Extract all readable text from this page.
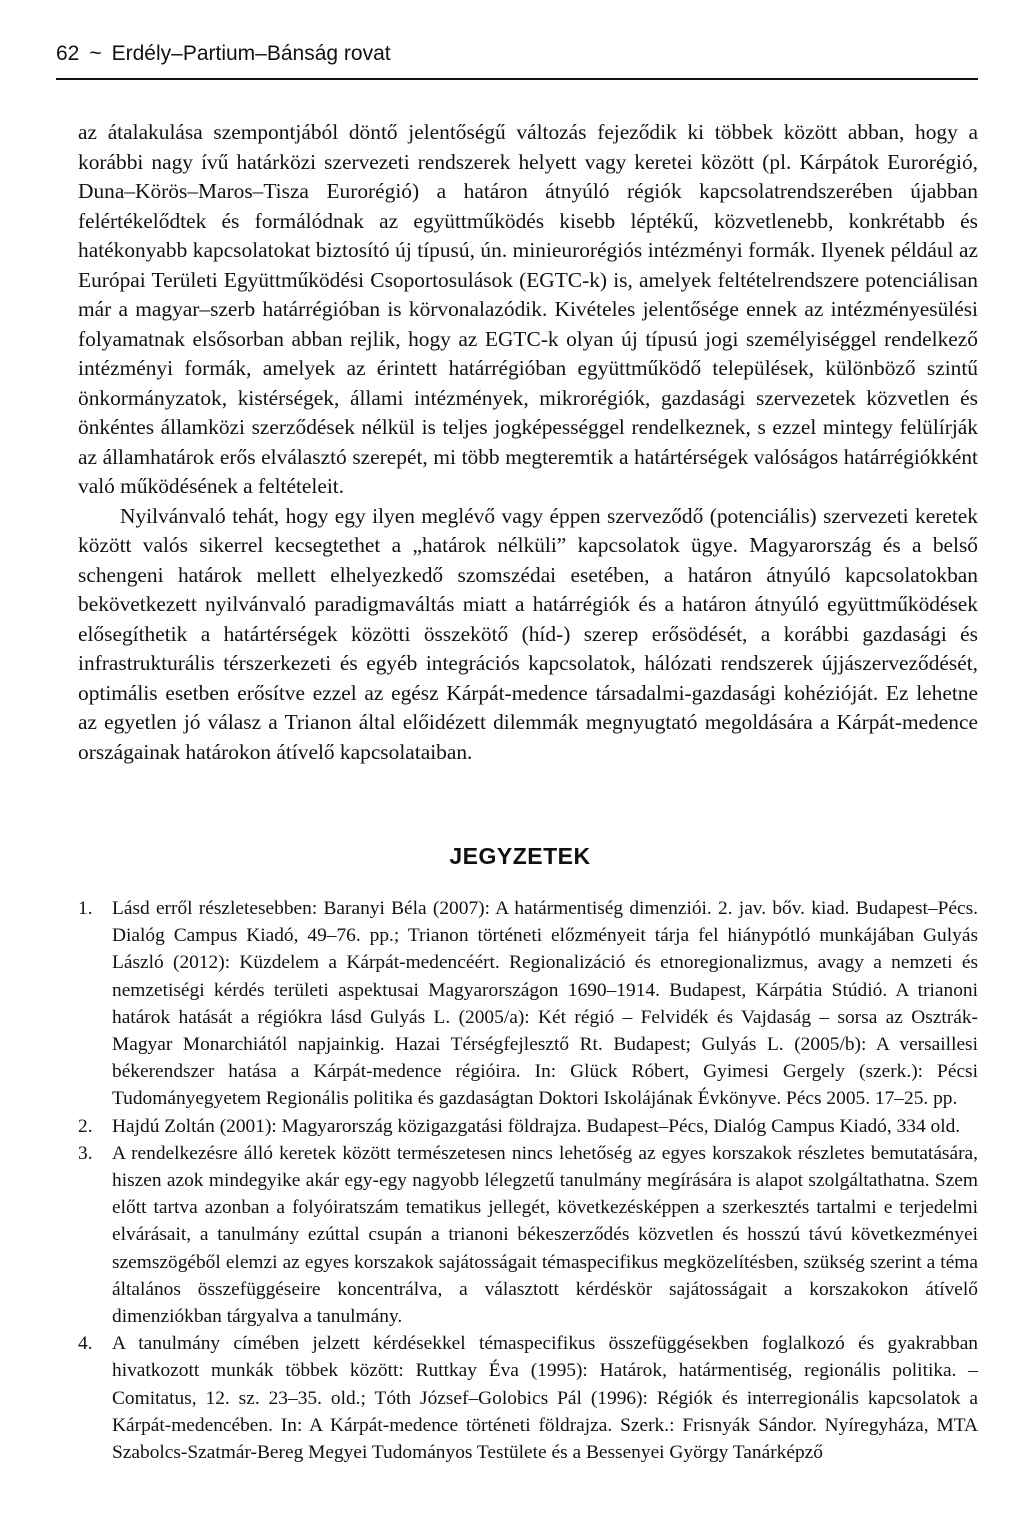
62 ~ Erdély–Partium–Bánság rovat

az átalakulása szempontjából döntő jelentőségű változás fejeződik ki többek között abban, hogy a korábbi nagy ívű határközi szervezeti rendszerek helyett vagy keretei között (pl. Kárpátok Eurorégió, Duna–Körös–Maros–Tisza Eurorégió) a határon átnyúló régiók kapcsolatrendszerében újabban felértékelődtek és formálódnak az együttműködés kisebb léptékű, közvetlenebb, konkrétabb és hatékonyabb kapcsolatokat biztosító új típusú, ún. minieurorégiós intézményi formák. Ilyenek például az Európai Területi Együttműködési Csoportosulások (EGTC-k) is, amelyek feltételrendszere potenciálisan már a magyar–szerb határrégióban is körvonalazódik. Kivételes jelentősége ennek az intézményesülési folyamatnak elsősorban abban rejlik, hogy az EGTC-k olyan új típusú jogi személyiséggel rendelkező intézményi formák, amelyek az érintett határrégióban együttműködő települések, különböző szintű önkormányzatok, kistérségek, állami intézmények, mikrorégiók, gazdasági szervezetek közvetlen és önkéntes államközi szerződések nélkül is teljes jogképességgel rendelkeznek, s ezzel mintegy felülírják az államhatárok erős elválasztó szerepét, mi több megteremtik a határtérségek valóságos határrégiókként való működésének a feltételeit.

Nyilvánvaló tehát, hogy egy ilyen meglévő vagy éppen szerveződő (potenciális) szervezeti keretek között valós sikerrel kecsegtethet a „határok nélküli” kapcsolatok ügye. Magyarország és a belső schengeni határok mellett elhelyezkedő szomszédai esetében, a határon átnyúló kapcsolatokban bekövetkezett nyilvánvaló paradigmaváltás miatt a határrégiók és a határon átnyúló együttműködések elősegíthetik a határtérségek közötti összekötő (híd-) szerep erősödését, a korábbi gazdasági és infrastrukturális térszerkezeti és egyéb integrációs kapcsolatok, hálózati rendszerek újjászerveződését, optimális esetben erősítve ezzel az egész Kárpát-medence társadalmi-gazdasági kohézióját. Ez lehetne az egyetlen jó válasz a Trianon által előidézett dilemmák megnyugtató megoldására a Kárpát-medence országainak határokon átívelő kapcsolataiban.

JEGYZETEK
1.	Lásd erről részletesebben: Baranyi Béla (2007): A határmentiség dimenziói. 2. jav. bőv. kiad. Budapest–Pécs. Dialóg Campus Kiadó, 49–76. pp.; Trianon történeti előzményeit tárja fel hiánypótló munkájában Gulyás László (2012): Küzdelem a Kárpát-medencéért. Regionalizáció és etnoregionalizmus, avagy a nemzeti és nemzetiségi kérdés területi aspektusai Magyarországon 1690–1914. Budapest, Kárpátia Stúdió. A trianoni határok hatását a régiókra lásd Gulyás L. (2005/a): Két régió – Felvidék és Vajdaság – sorsa az Osztrák-Magyar Monarchiától napjainkig. Hazai Térségfejlesztő Rt. Budapest; Gulyás L. (2005/b): A versaillesi békerendszer hatása a Kárpát-medence régióira. In: Glück Róbert, Gyimesi Gergely (szerk.): Pécsi Tudományegyetem Regionális politika és gazdaságtan Doktori Iskolájának Évkönyve. Pécs 2005. 17–25. pp.
2.	Hajdú Zoltán (2001): Magyarország közigazgatási földrajza. Budapest–Pécs, Dialóg Campus Kiadó, 334 old.
3.	A rendelkezésre álló keretek között természetesen nincs lehetőség az egyes korszakok részletes bemutatására, hiszen azok mindegyike akár egy-egy nagyobb lélegzetű tanulmány megírására is alapot szolgáltathatna. Szem előtt tartva azonban a folyóiratszám tematikus jellegét, következésképpen a szerkesztés tartalmi e terjedelmi elvárásait, a tanulmány ezúttal csupán a trianoni békeszerződés közvetlen és hosszú távú következményei szemszögéből elemzi az egyes korszakok sajátosságait témaspecifikus megközelítésben, szükség szerint a téma általános összefüggéseire koncentrálva, a választott kérdéskör sajátosságait a korszakokon átívelő dimenziókban tárgyalva a tanulmány.
4.	A tanulmány címében jelzett kérdésekkel témaspecifikus összefüggésekben foglalkozó és gyakrabban hivatkozott munkák többek között: Ruttkay Éva (1995): Határok, határmentiség, regionális politika. – Comitatus, 12. sz. 23–35. old.; Tóth József–Golobics Pál (1996): Régiók és interregionális kapcsolatok a Kárpát-medencében. In: A Kárpát-medence történeti földrajza. Szerk.: Frisnyák Sándor. Nyíregyháza, MTA Szabolcs-Szatmár-Bereg Megyei Tudományos Testülete és a Bessenyei György Tanárképző
